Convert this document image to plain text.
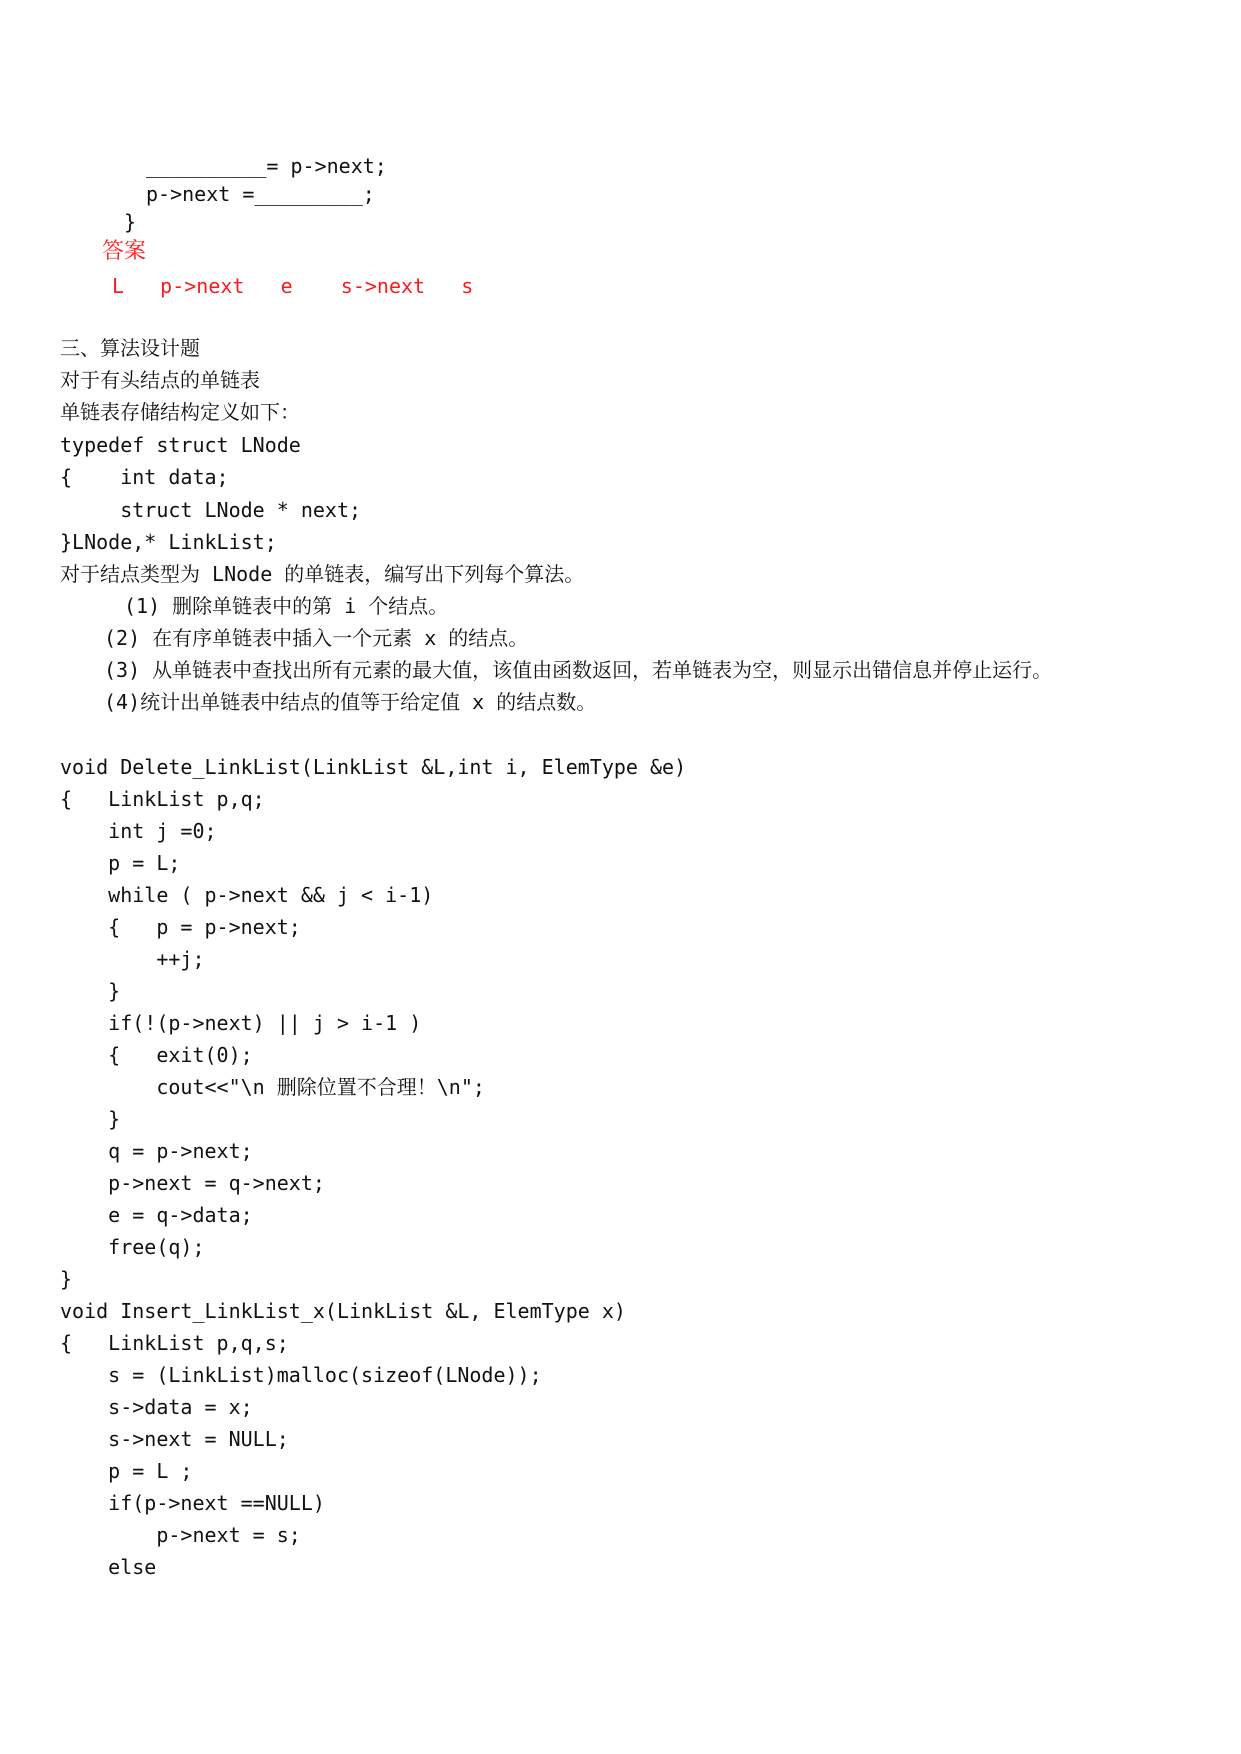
__________= p->next;
p->next =_________;
}
答案
L   p->next   e    s->next   s
三、算法设计题
对于有头结点的单链表
单链表存储结构定义如下：
typedef struct LNode
{    int data;
struct LNode * next;
}LNode,* LinkList;
对于结点类型为 LNode 的单链表，编写出下列每个算法。
(1) 删除单链表中的第 i 个结点。
(2) 在有序单链表中插入一个元素 x 的结点。
(3) 从单链表中查找出所有元素的最大值，该值由函数返回，若单链表为空，则显示出错信息并停止运行。
(4)统计出单链表中结点的值等于给定值 x 的结点数。
void Delete_LinkList(LinkList &L,int i, ElemType &e)
{   LinkList p,q;
int j =0;
p = L;
while ( p->next && j < i-1)
{   p = p->next;
++j;
}
if(!(p->next) || j > i-1 )
{   exit(0);
cout<<"\n 删除位置不合理！\n";
}
q = p->next;
p->next = q->next;
e = q->data;
free(q);
}
void Insert_LinkList_x(LinkList &L, ElemType x)
{   LinkList p,q,s;
s = (LinkList)malloc(sizeof(LNode));
s->data = x;
s->next = NULL;
p = L ;
if(p->next ==NULL)
p->next = s;
else
